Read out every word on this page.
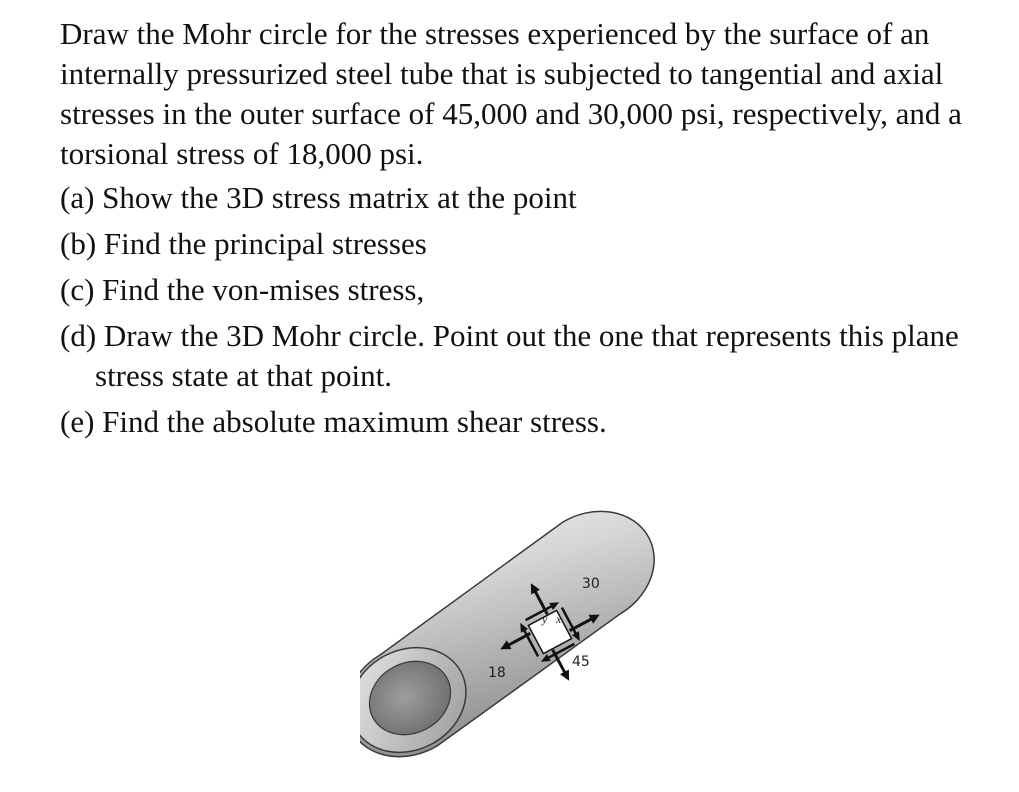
Draw the Mohr circle for the stresses experienced by the surface of an internally pressurized steel tube that is subjected to tangential and axial stresses in the outer surface of 45,000 and 30,000 psi, respectively, and a torsional stress of 18,000 psi.

(a) Show the 3D stress matrix at the point
(b) Find the principal stresses
(c) Find the von-mises stress,
(d) Draw the 3D Mohr circle. Point out the one that represents this plane stress state at that point.
(e) Find the absolute maximum shear stress.
30
45
18
y x
